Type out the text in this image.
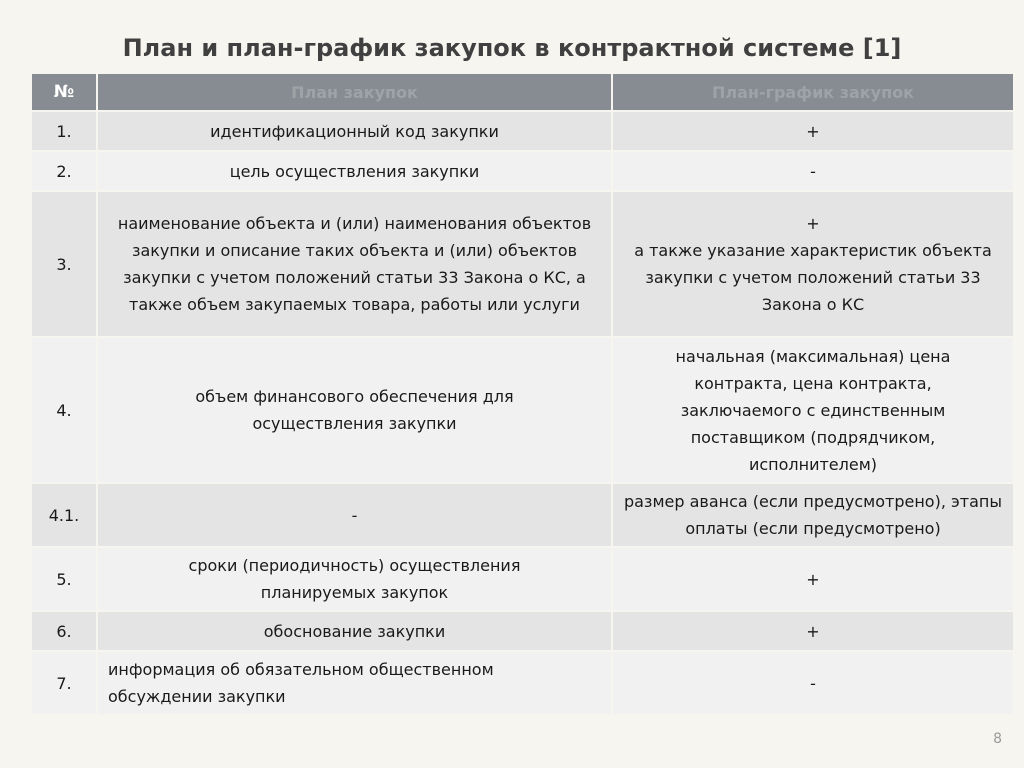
План и план-график закупок в контрактной системе [1]
№	План закупок	План-график закупок
1.	идентификационный код закупки	+
2.	цель осуществления закупки	-
3.	наименование объекта и (или) наименования объектов закупки и описание таких объекта и (или) объектов закупки с учетом положений статьи 33 Закона о КС, а также объем закупаемых товара, работы или услуги	+
а также указание характеристик объекта закупки с учетом положений статьи 33 Закона о КС
4.	объем финансового обеспечения для осуществления закупки	начальная (максимальная) цена контракта, цена контракта, заключаемого с единственным поставщиком (подрядчиком, исполнителем)
4.1.	-	размер аванса (если предусмотрено), этапы оплаты (если предусмотрено)
5.	сроки (периодичность) осуществления планируемых закупок	+
6.	обоснование закупки	+
7.	информация об обязательном общественном обсуждении закупки	-
8
